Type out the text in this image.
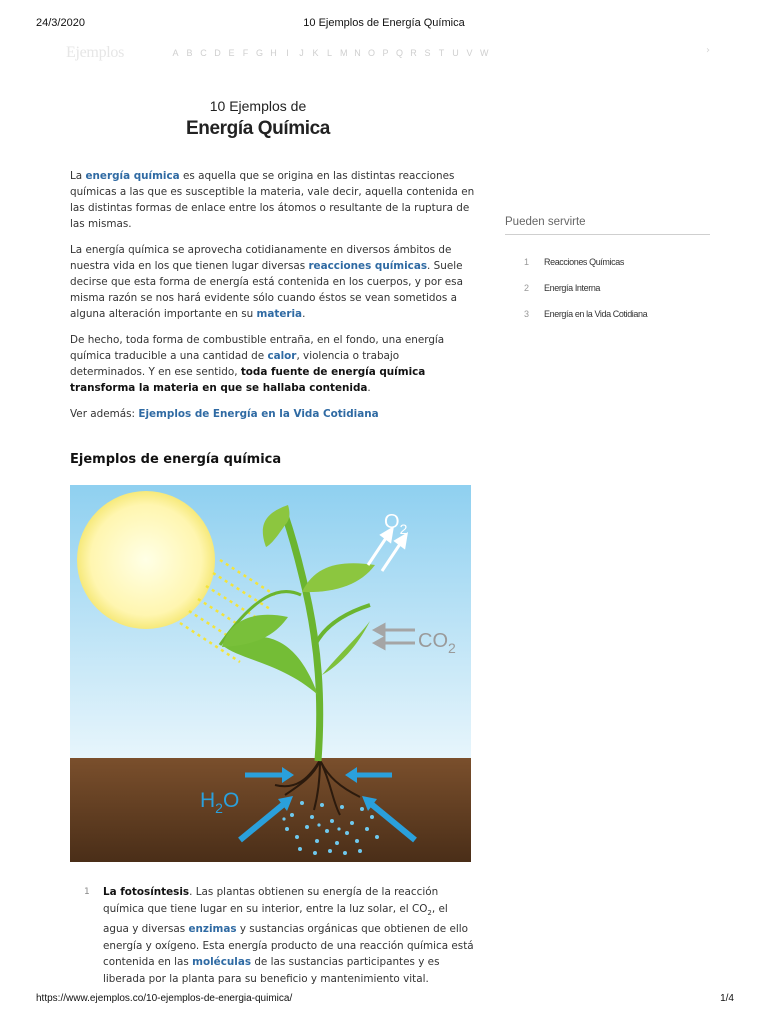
24/3/2020	10 Ejemplos de Energía Química
Ejemplos	A B C D E F G H I J K L M N O P Q R S T U V W	›
10 Ejemplos de
Energía Química

La energía química es aquella que se origina en las distintas reacciones químicas a las que es susceptible la materia, vale decir, aquella contenida en las distintas formas de enlace entre los átomos o resultante de la ruptura de las mismas.

La energía química se aprovecha cotidianamente en diversos ámbitos de nuestra vida en los que tienen lugar diversas reacciones químicas. Suele decirse que esta forma de energía está contenida en los cuerpos, y por esa misma razón se nos hará evidente sólo cuando éstos se vean sometidos a alguna alteración importante en su materia.

De hecho, toda forma de combustible entraña, en el fondo, una energía química traducible a una cantidad de calor, violencia o trabajo determinados. Y en ese sentido, toda fuente de energía química transforma la materia en que se hallaba contenida.

Ver además: Ejemplos de Energía en la Vida Cotidiana

Ejemplos de energía química
$O_2$
$CO_2$
$H_2O$
Pueden servirte
1	Reacciones Químicas
2	Energía Interna
3	Energía en la Vida Cotidiana
1	La fotosíntesis. Las plantas obtienen su energía de la reacción química que tiene lugar en su interior, entre la luz solar, el $CO_2$, el agua y diversas enzimas y sustancias orgánicas que obtienen de ello energía y oxígeno. Esta energía producto de una reacción química está contenida en las moléculas de las sustancias participantes y es liberada por la planta para su beneficio y mantenimiento vital.
https://www.ejemplos.co/10-ejemplos-de-energia-quimica/	1/4
